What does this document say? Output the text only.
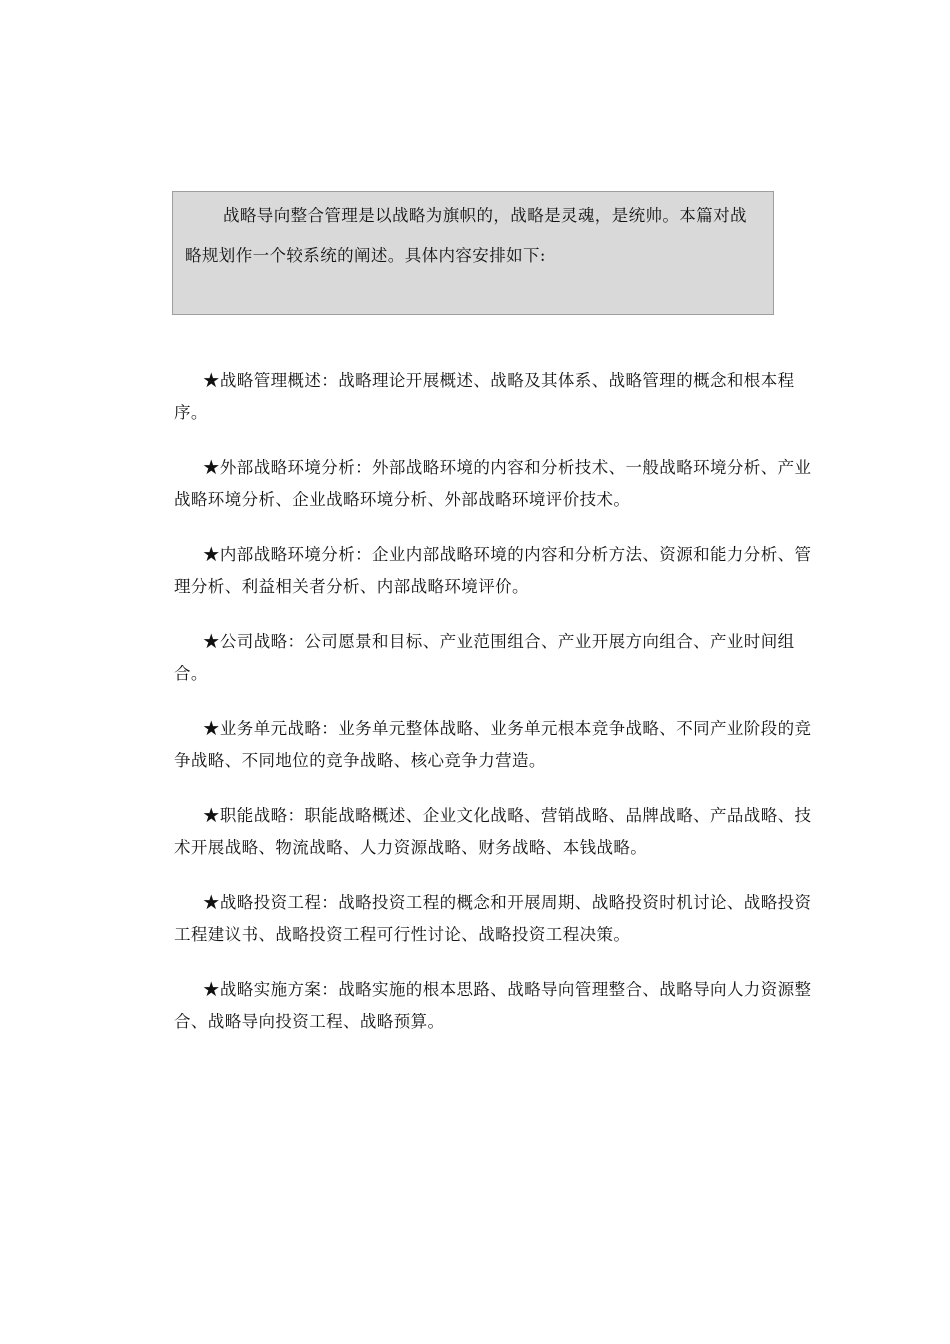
战略导向整合管理是以战略为旗帜的，战略是灵魂，是统帅。本篇对战略规划作一个较系统的阐述。具体内容安排如下:

★战略管理概述：战略理论开展概述、战略及其体系、战略管理的概念和根本程序。

★外部战略环境分析：外部战略环境的内容和分析技术、一般战略环境分析、产业战略环境分析、企业战略环境分析、外部战略环境评价技术。

★内部战略环境分析：企业内部战略环境的内容和分析方法、资源和能力分析、管理分析、利益相关者分析、内部战略环境评价。

★公司战略：公司愿景和目标、产业范围组合、产业开展方向组合、产业时间组合。

★业务单元战略：业务单元整体战略、业务单元根本竞争战略、不同产业阶段的竞争战略、不同地位的竞争战略、核心竞争力营造。

★职能战略：职能战略概述、企业文化战略、营销战略、品牌战略、产品战略、技术开展战略、物流战略、人力资源战略、财务战略、本钱战略。

★战略投资工程：战略投资工程的概念和开展周期、战略投资时机讨论、战略投资工程建议书、战略投资工程可行性讨论、战略投资工程决策。

★战略实施方案：战略实施的根本思路、战略导向管理整合、战略导向人力资源整合、战略导向投资工程、战略预算。
